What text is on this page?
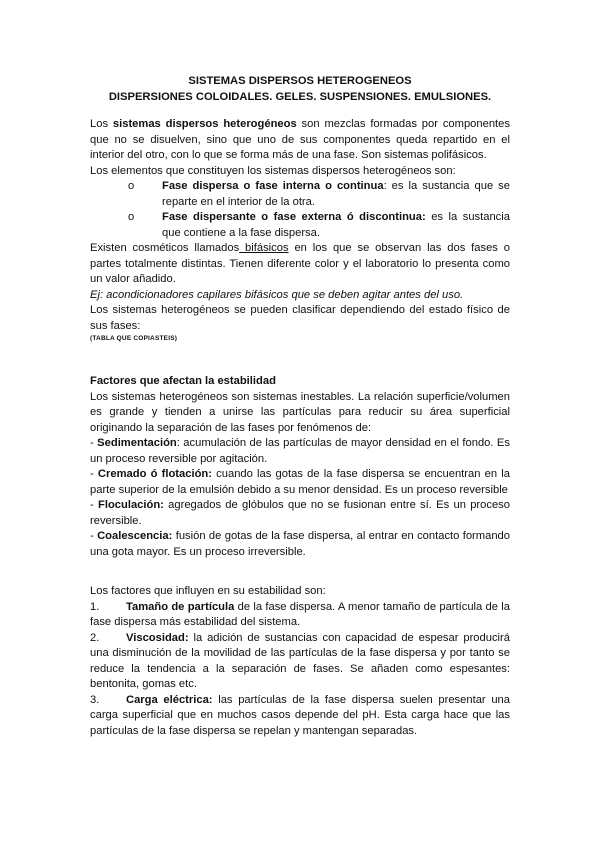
SISTEMAS DISPERSOS HETEROGENEOS
DISPERSIONES COLOIDALES. GELES. SUSPENSIONES. EMULSIONES.

Los sistemas dispersos heterogéneos son mezclas formadas por componentes que no se disuelven, sino que uno de sus componentes queda repartido en el interior del otro, con lo que se forma más de una fase. Son sistemas polifásicos.

Los elementos que constituyen los sistemas dispersos heterogéneos son:

o	Fase dispersa o fase interna o continua: es la sustancia que se reparte en el interior de la otra.
o	Fase dispersante o fase externa ó discontinua: es la sustancia que contiene a la fase dispersa.

Existen cosméticos llamados bifásicos en los que se observan las dos fases o partes totalmente distintas. Tienen diferente color y el laboratorio lo presenta como un valor añadido.

Ej: acondicionadores capilares bifásicos que se deben agitar antes del uso.

Los sistemas heterogéneos se pueden clasificar dependiendo del estado físico de sus fases:

(TABLA QUE COPIASTEIS)

Factores que afectan la estabilidad

Los sistemas heterogéneos son sistemas inestables. La relación superficie/volumen es grande y tienden a unirse las partículas para reducir su área superficial originando la separación de las fases por fenómenos de:

- Sedimentación: acumulación de las partículas de mayor densidad en el fondo. Es un proceso reversible por agitación.

- Cremado ó flotación: cuando las gotas de la fase dispersa se encuentran en la parte superior de la emulsión debido a su menor densidad. Es un proceso reversible

- Floculación: agregados de glóbulos que no se fusionan entre sí. Es un proceso reversible.

- Coalescencia: fusión de gotas de la fase dispersa, al entrar en contacto formando una gota mayor. Es un proceso irreversible.

Los factores que influyen en su estabilidad son:

1. Tamaño de partícula de la fase dispersa. A menor tamaño de partícula de la fase dispersa más estabilidad del sistema.

2. Viscosidad: la adición de sustancias con capacidad de espesar producirá una disminución de la movilidad de las partículas de la fase dispersa y por tanto se reduce la tendencia a la separación de fases. Se añaden como espesantes: bentonita, gomas etc.

3. Carga eléctrica: las partículas de la fase dispersa suelen presentar una carga superficial que en muchos casos depende del pH. Esta carga hace que las partículas de la fase dispersa se repelan y mantengan separadas.
